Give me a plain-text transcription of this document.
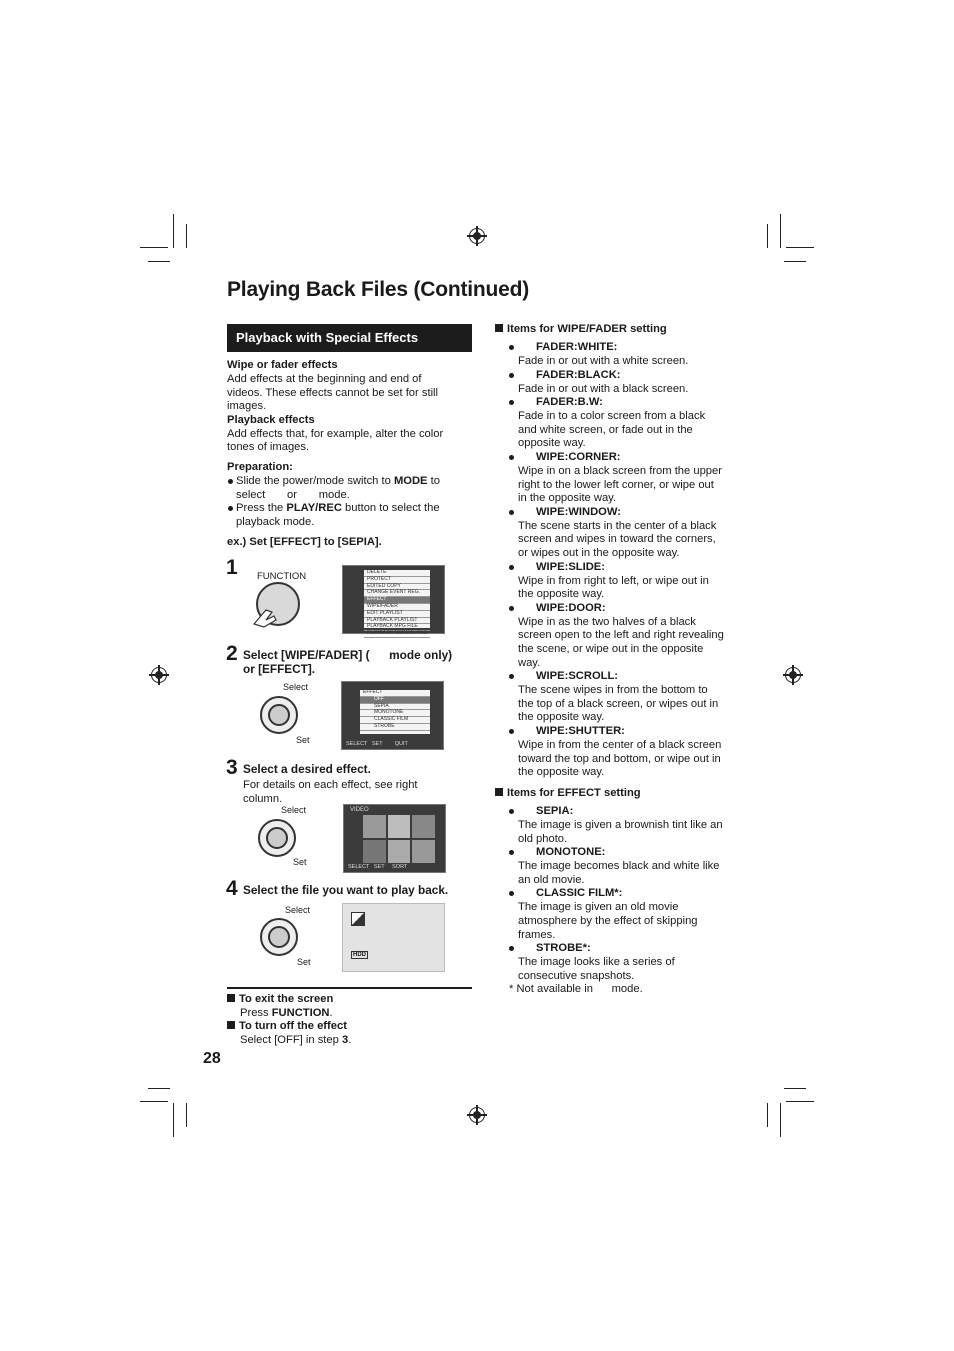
Playing Back Files (Continued)
Playback with Special Effects
Wipe or fader effects
Add effects at the beginning and end of
videos. These effects cannot be set for still
images.
Playback effects
Add effects that, for example, alter the color
tones of images.
Preparation:
Slide the power/mode switch to MODE to
select       or       mode.
Press the PLAY/REC button to select the
playback mode.
ex.) Set [EFFECT] to [SEPIA].
1 FUNCTION	DELETE
PROTECT
EDITED COPY
CHANGE EVENT REG.
EFFECT
WIPE/FADER
EDIT PLAYLIST
PLAYBACK PLAYLIST
PLAYBACK MPG FILE
PLAYBACK NORMAL FILE
2 Select [WIPE/FADER] (      mode only)
or [EFFECT].
Select
Set
EFFECT
OFF
SEPIA
MONOTONE
CLASSIC FILM
STROBE
SELECT   SET        QUIT
3 Select a desired effect.
For details on each effect, see right
column.
Select
Set
VIDEO
SELECT   SET     SORT
4 Select the file you want to play back.
Select
Set
HDD
To exit the screen
Press FUNCTION.
To turn off the effect
Select [OFF] in step 3.
28
Items for WIPE/FADER setting
FADER:WHITE:
Fade in or out with a white screen.
FADER:BLACK:
Fade in or out with a black screen.
FADER:B.W:
Fade in to a color screen from a black
and white screen, or fade out in the
opposite way.
WIPE:CORNER:
Wipe in on a black screen from the upper
right to the lower left corner, or wipe out
in the opposite way.
WIPE:WINDOW:
The scene starts in the center of a black
screen and wipes in toward the corners,
or wipes out in the opposite way.
WIPE:SLIDE:
Wipe in from right to left, or wipe out in
the opposite way.
WIPE:DOOR:
Wipe in as the two halves of a black
screen open to the left and right revealing
the scene, or wipe out in the opposite
way.
WIPE:SCROLL:
The scene wipes in from the bottom to
the top of a black screen, or wipes out in
the opposite way.
WIPE:SHUTTER:
Wipe in from the center of a black screen
toward the top and bottom, or wipe out in
the opposite way.
Items for EFFECT setting
SEPIA:
The image is given a brownish tint like an
old photo.
MONOTONE:
The image becomes black and white like
an old movie.
CLASSIC FILM*:
The image is given an old movie
atmosphere by the effect of skipping
frames.
STROBE*:
The image looks like a series of
consecutive snapshots.
* Not available in      mode.
